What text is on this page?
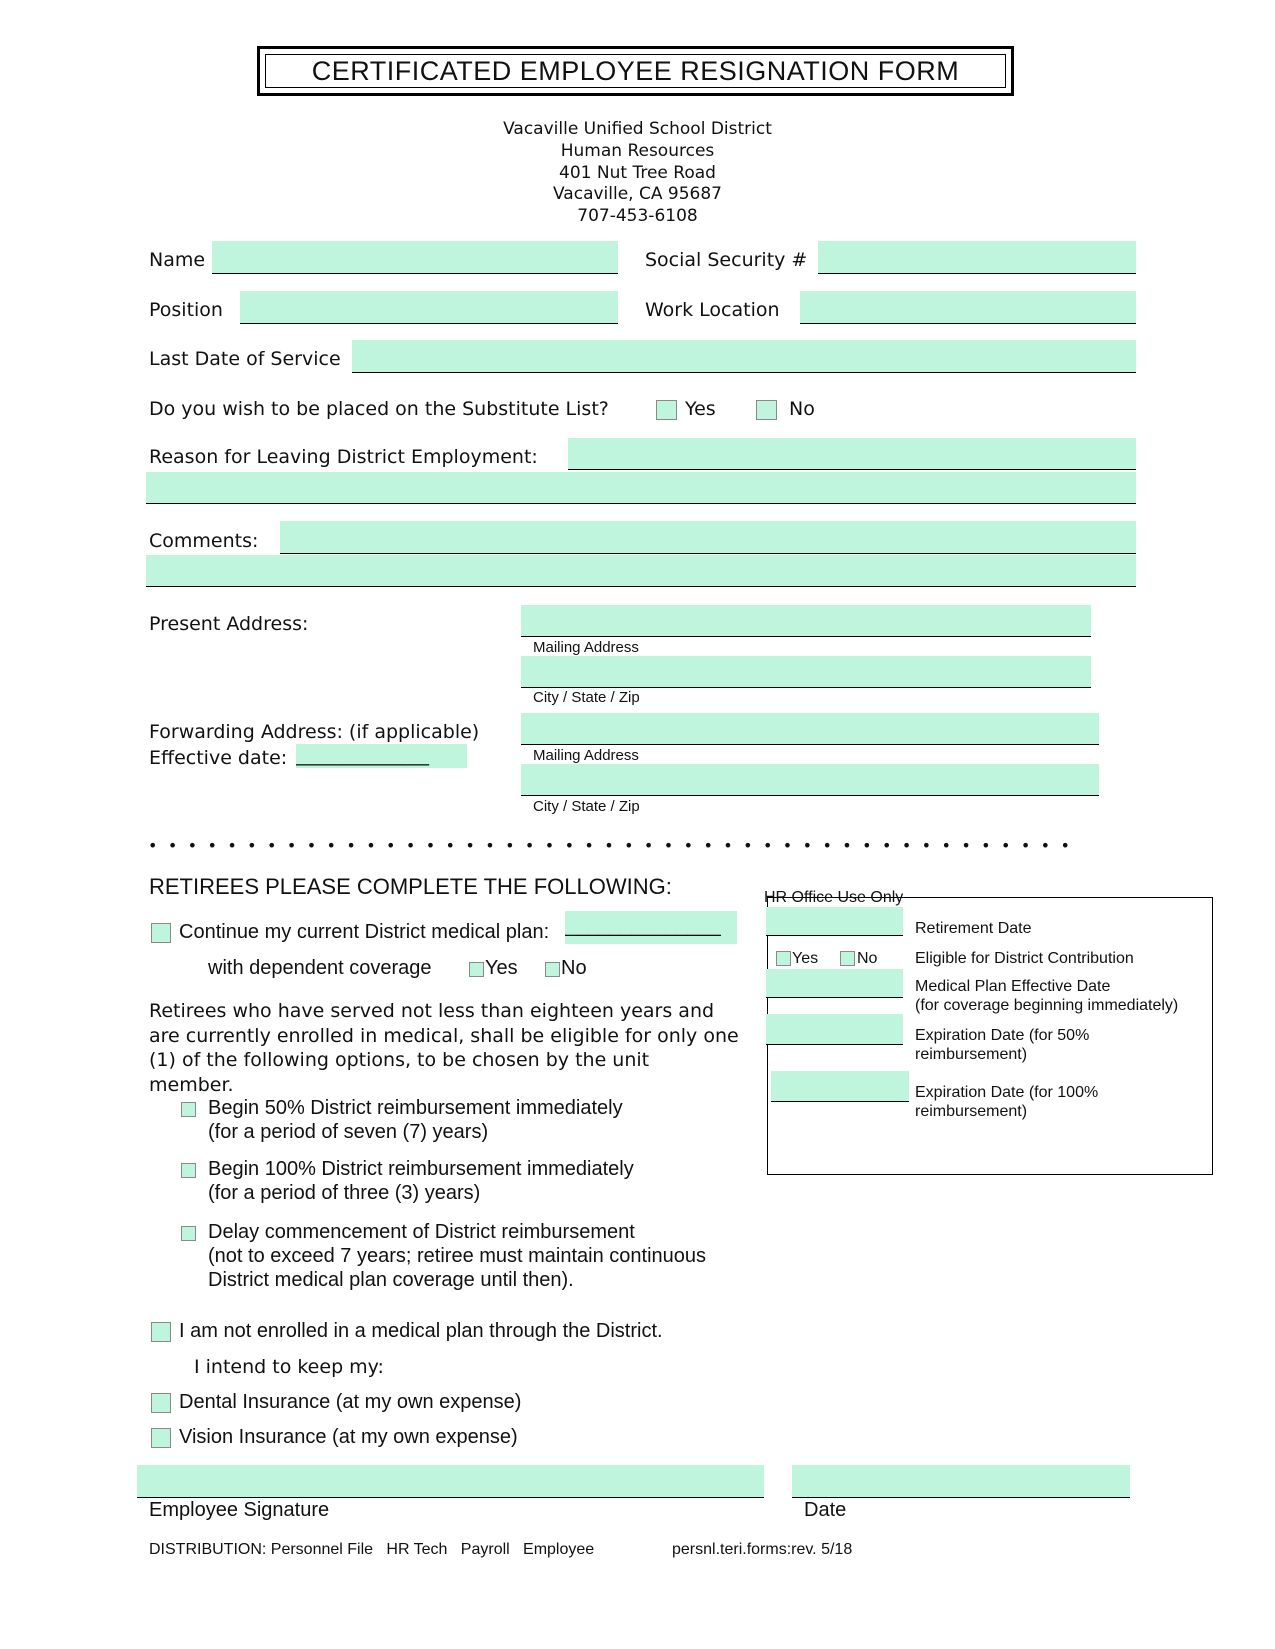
CERTIFICATED EMPLOYEE RESIGNATION FORM
Vacaville Unified School District
Human Resources
401 Nut Tree Road
Vacaville, CA 95687
707-453-6108
Name	Social Security #
Position	Work Location
Last Date of Service
Do you wish to be placed on the Substitute List?	Yes	No
Reason for Leaving District Employment:
Comments:
Present Address:
Mailing Address
City / State / Zip
Forwarding Address: (if applicable)
Effective date: ______________	Mailing Address
City / State / Zip
•••••••••••••••••••••••••••••••••••••••••••••••
RETIREES PLEASE COMPLETE THE FOLLOWING:
Continue my current District medical plan: ______________
with dependent coverage	Yes No
Retirees who have served not less than eighteen years and are currently enrolled in medical, shall be eligible for only one (1) of the following options, to be chosen by the unit member.
Begin 50% District reimbursement immediately
(for a period of seven (7) years)
Begin 100% District reimbursement immediately
(for a period of three (3) years)
Delay commencement of District reimbursement
(not to exceed 7 years; retiree must maintain continuous
District medical plan coverage until then).
I am not enrolled in a medical plan through the District.
I intend to keep my:
Dental Insurance (at my own expense)
Vision Insurance (at my own expense)
HR Office Use Only
Retirement Date
Yes No Eligible for District Contribution
Medical Plan Effective Date
(for coverage beginning immediately)
Expiration Date (for 50%
reimbursement)
Expiration Date (for 100%
reimbursement)
Employee Signature	Date
DISTRIBUTION: Personnel File   HR Tech   Payroll   Employee	persnl.teri.forms:rev. 5/18
